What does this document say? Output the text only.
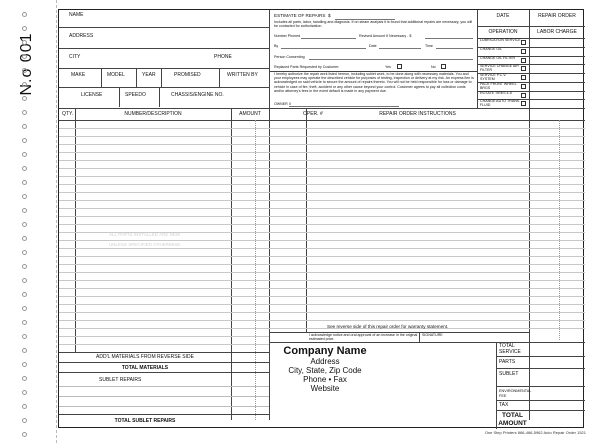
N.o 001
NAME
ADDRESS
CITY	PHONE
MAKE	MODEL	YEAR	PROMISED	WRITTEN BY
LICENSE	SPEEDO	CHASSIS/ENGINE NO.
ESTIMATE OF REPAIRS $
Includes all parts, labor, handling and diagnosis. If on steam analysis it is found that additional repairs are necessary, you will be contacted for authorization.
Number Phoned	Revised Amount If Necessary - $
By	Date	Time
Person Consenting
Replaced Parts Requested by Customer:	Yes	No
I hereby authorize the repair work listed hereon, including sublet work, to be done along with necessary materials. You and your employees may operate the described vehicle for purposes of testing, inspection or delivery at my risk. An express lien is acknowledged on said vehicle to secure the amount of repairs thereto. You will not be held responsible for loss or damage to vehicle in case of fire, theft, accident or any other cause beyond your control. Customer agrees to pay all collection costs and/or attorney's fees in the event default is made in any payment due.
OWNER X
DATE	REPAIR ORDER
OPERATION	LABOR CHARGE
LUBRICATION SERVICE
CHANGE OIL
CHANGE OIL FILTER
SERVICE CHANGE AIR FILTER
SERVICE P.C.V. SYSTEM
PACK FRONT WHEEL BRGS
ROTATE TIRES 4-5
CHANGE AUTO TRANS. FLUID
QTY.	NUMBER/DESCRIPTION	AMOUNT	OPER. #	REPAIR ORDER INSTRUCTIONS
ALL PARTS INSTALLED ARE NEW
UNLESS SPECIFIED OTHERWISE
See reverse side of this repair order for warranty statement.
I acknowledge notice and oral approval of an increase in the original estimated price.
SIGNATURE
ADD'L MATERIALS FROM REVERSE SIDE
TOTAL MATERIALS
SUBLET REPAIRS
TOTAL SUBLET REPAIRS
TOTAL SERVICE
PARTS
SUBLET
ENVIRONMENTAL FEE
TAX
TOTAL AMOUNT
Company Name
Address
City, State, Zip Code
Phone • Fax
Website
One Step Printers 866-466-5962 Auto Repair Order 1521
